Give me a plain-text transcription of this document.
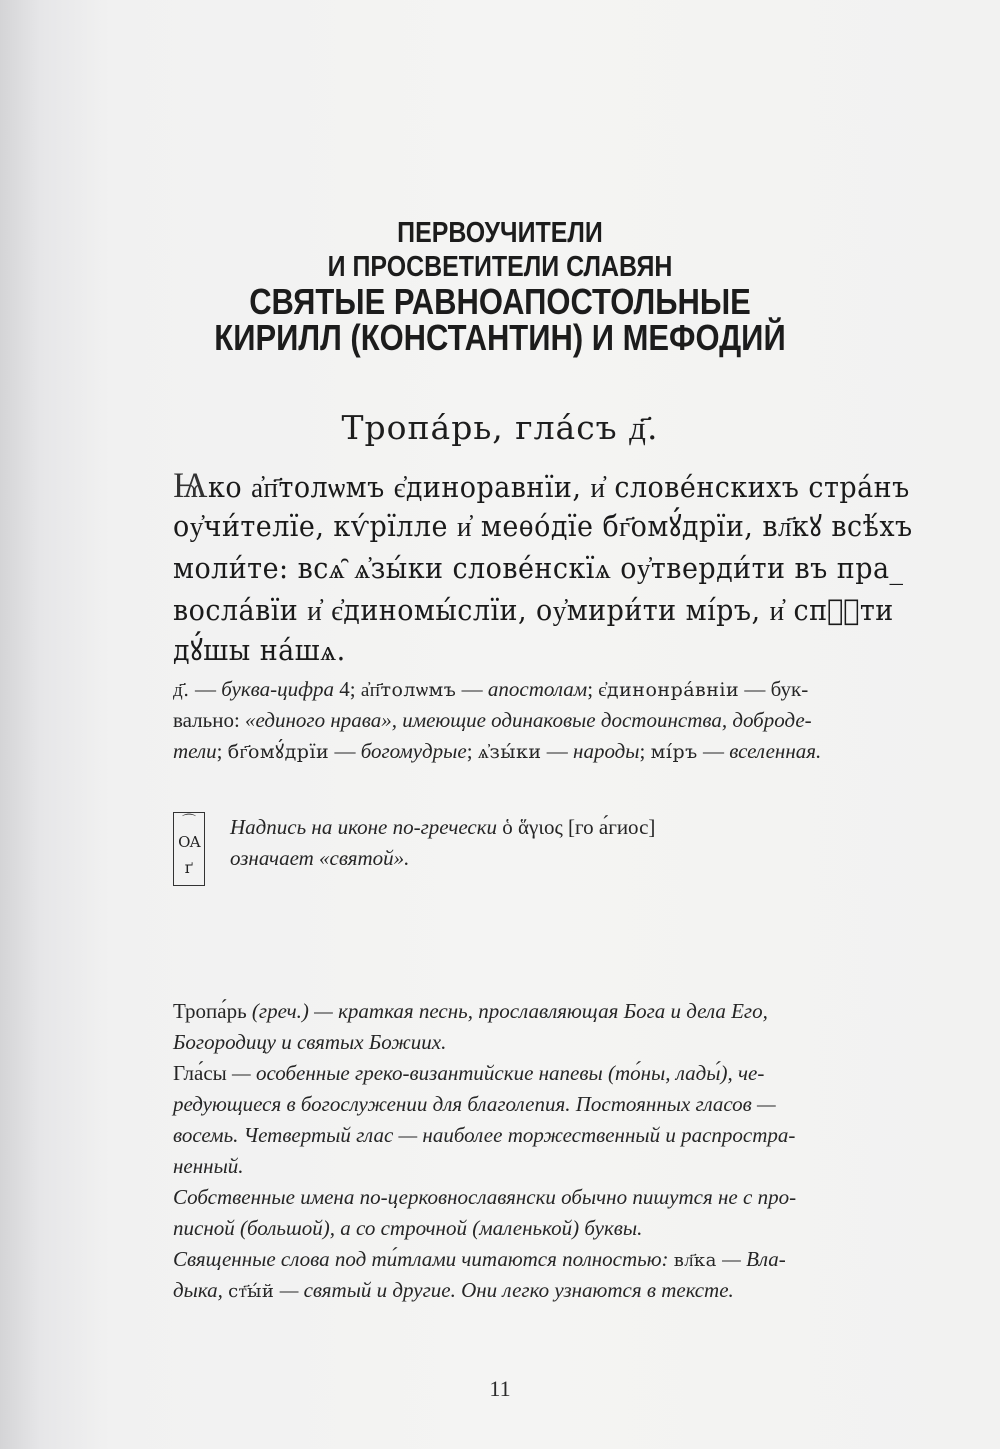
ПЕРВОУЧИТЕЛИ
И ПРОСВЕТИТЕЛИ СЛАВЯН
СВЯТЫЕ РАВНОАПОСТОЛЬНЫЕ
КИРИЛЛ (КОНСТАНТИН) И МЕФОДИЙ
Тропа́рь, гла́съ д҃.
Ѩко а҆п҃толѡмъ є҆диноравнїи, и҆ слове́нскихъ стра́нъ
оу҆чи́телїе, кѵ́рїлле и҆ меѳо́дїе бг҃омꙋ́дрїи, вл҃кꙋ всѣ́хъ
моли́те: всѧ̑ ѧ҆зы́ки слове́нскїѧ оу҆тверди́ти въ пра_
восла́вїи и҆ є҆диномы́слїи, оу҆мири́ти мі́ръ, и҆ спⷭ҇ти
дꙋ́шы на́шѧ.
д҃. — буква-цифра 4; а҆п҃толѡмъ — апостолам; є҆динонра́вніи — бук-
вально: «единого нрава», имеющие одинаковые достоинства, доброде-
тели; бг҃омꙋ́дрїи — богомудрые; ѧ҆зы́ки — народы; мі́ръ — вселенная.
⌒
ОА
ґ
Надпись на иконе по-гречески ὁ ἅγιος [го а́гиос]
означает «святой».
Тропа́рь (греч.) — краткая песнь, прославляющая Бога и дела Его,
Богородицу и святых Божиих.
Гла́сы — особенные греко-византийские напевы (то́ны, лады́), че-
редующиеся в богослужении для благолепия. Постоянных гласов —
восемь. Четвертый глас — наиболее торжественный и распростра-
ненный.
Собственные имена по-церковнославянски обычно пишутся не с про-
писной (большой), а со строчной (маленькой) буквы.
Священные слова под ти́тлами читаются полностью: вл҃ка — Вла-
дыка, ст҃ы́й — святый и другие. Они легко узнаются в тексте.
11
